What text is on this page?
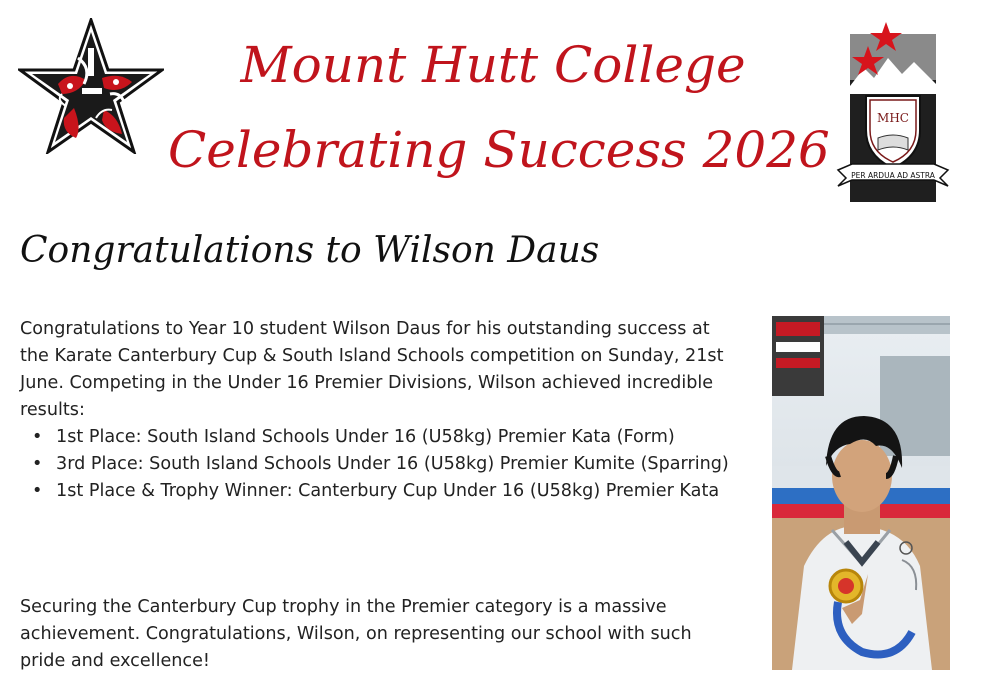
Mount Hutt College
Celebrating Success 2026
MHC
PER ARDUA AD ASTRA
Congratulations to Wilson Daus

Congratulations to Year 10 student Wilson Daus for his outstanding success at the Karate Canterbury Cup & South Island Schools competition on Sunday, 21st June. Competing in the Under 16 Premier Divisions, Wilson achieved incredible results:

• 1st Place: South Island Schools Under 16 (U58kg) Premier Kata (Form)
• 3rd Place: South Island Schools Under 16 (U58kg) Premier Kumite (Sparring)
• 1st Place & Trophy Winner: Canterbury Cup Under 16 (U58kg) Premier Kata

Securing the Canterbury Cup trophy in the Premier category is a massive achievement. Congratulations, Wilson, on representing our school with such pride and excellence!
